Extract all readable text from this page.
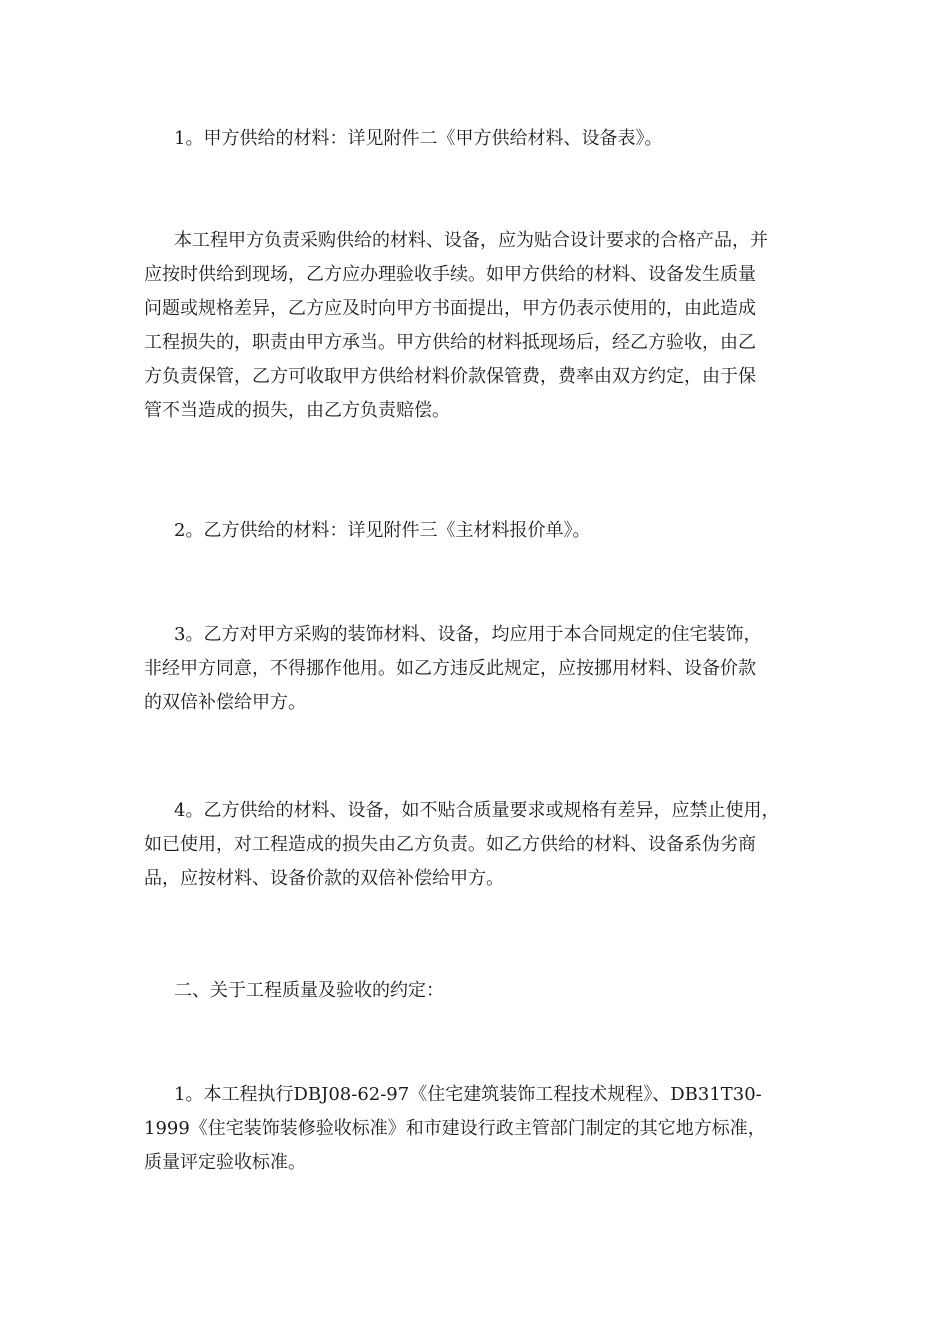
1。甲方供给的材料：详见附件二《甲方供给材料、设备表》。

本工程甲方负责采购供给的材料、设备，应为贴合设计要求的合格产品，并
应按时供给到现场，乙方应办理验收手续。如甲方供给的材料、设备发生质量
问题或规格差异，乙方应及时向甲方书面提出，甲方仍表示使用的，由此造成
工程损失的，职责由甲方承当。甲方供给的材料抵现场后，经乙方验收，由乙
方负责保管，乙方可收取甲方供给材料价款保管费，费率由双方约定，由于保
管不当造成的损失，由乙方负责赔偿。

2。乙方供给的材料：详见附件三《主材料报价单》。

3。乙方对甲方采购的装饰材料、设备，均应用于本合同规定的住宅装饰，
非经甲方同意，不得挪作他用。如乙方违反此规定，应按挪用材料、设备价款
的双倍补偿给甲方。

4。乙方供给的材料、设备，如不贴合质量要求或规格有差异，应禁止使用，
如已使用，对工程造成的损失由乙方负责。如乙方供给的材料、设备系伪劣商
品，应按材料、设备价款的双倍补偿给甲方。

二、关于工程质量及验收的约定：

1。本工程执行DBJ08-62-97《住宅建筑装饰工程技术规程》、DB31T30-
1999《住宅装饰装修验收标准》和市建设行政主管部门制定的其它地方标准，
质量评定验收标准。
